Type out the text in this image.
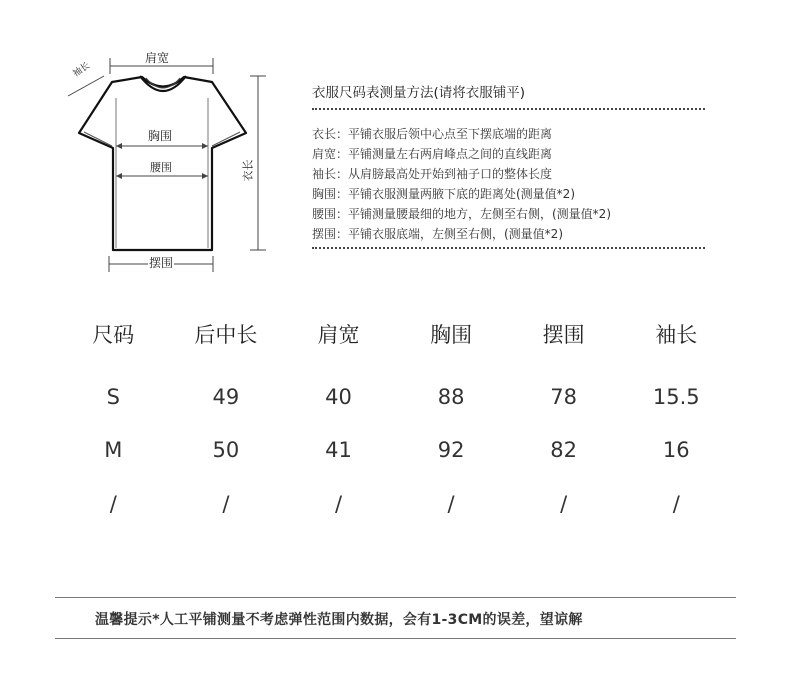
肩宽
袖长
胸围
腰围
摆围
衣长
衣服尺码表测量方法(请将衣服铺平)
衣长：平铺衣服后领中心点至下摆底端的距离
肩宽：平铺测量左右两肩峰点之间的直线距离
袖长：从肩膀最高处开始到袖子口的整体长度
胸围：平铺衣服测量两腋下底的距离处(测量值*2)
腰围：平铺测量腰最细的地方，左侧至右侧，(测量值*2)
摆围：平铺衣服底端，左侧至右侧，(测量值*2)
尺码	后中长	肩宽	胸围	摆围	袖长
S	49	40	88	78	15.5
M	50	41	92	82	16
/	/	/	/	/	/
温馨提示*人工平铺测量不考虑弹性范围内数据，会有1-3CM的误差，望谅解
